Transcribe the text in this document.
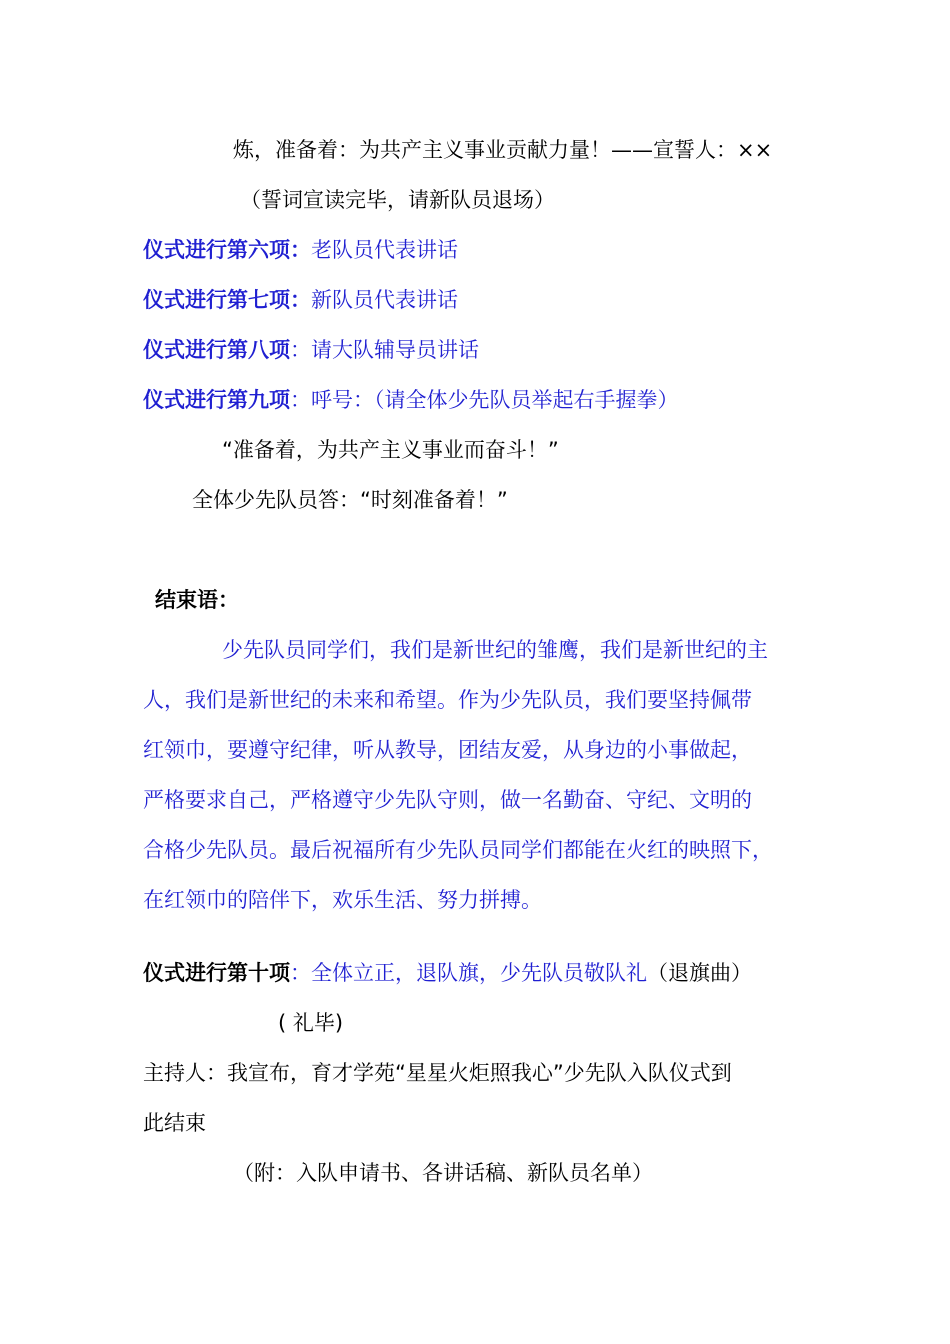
炼，准备着：为共产主义事业贡献力量！——宣誓人：××
（誓词宣读完毕，请新队员退场）
仪式进行第六项：老队员代表讲话
仪式进行第七项：新队员代表讲话
仪式进行第八项：请大队辅导员讲话
仪式进行第九项：呼号：（请全体少先队员举起右手握拳）
“准备着，为共产主义事业而奋斗！”
全体少先队员答：“时刻准备着！”
结束语：
少先队员同学们，我们是新世纪的雏鹰，我们是新世纪的主
人，我们是新世纪的未来和希望。作为少先队员，我们要坚持佩带
红领巾，要遵守纪律，听从教导，团结友爱，从身边的小事做起，
严格要求自己，严格遵守少先队守则，做一名勤奋、守纪、文明的
合格少先队员。最后祝福所有少先队员同学们都能在火红的映照下，
在红领巾的陪伴下，欢乐生活、努力拼搏。
仪式进行第十项：全体立正，退队旗，少先队员敬队礼（退旗曲）
( 礼毕)
主持人：我宣布，育才学苑“星星火炬照我心”少先队入队仪式到
此结束
（附：入队申请书、各讲话稿、新队员名单）
